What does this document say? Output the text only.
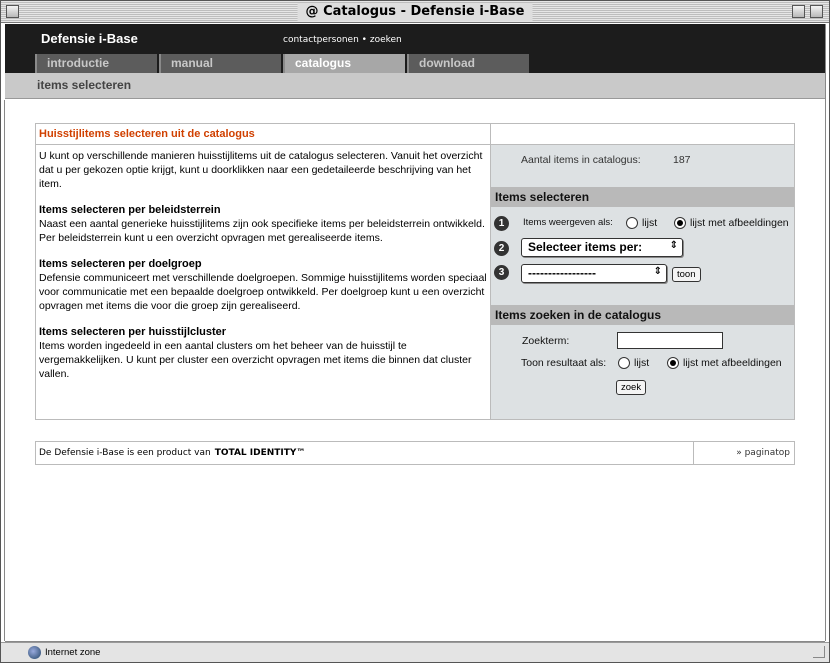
@ Catalogus - Defensie i-Base
Defensie i-Base	contactpersonen • zoeken
introductie	manual	catalogus	download
items selecteren
Huisstijlitems selecteren uit de catalogus

U kunt op verschillende manieren huisstijlitems uit de catalogus selecteren. Vanuit het overzicht dat u per gekozen optie krijgt, kunt u doorklikken naar een gedetaileerde beschrijving van het item.

Items selecteren per beleidsterrein

Naast een aantal generieke huisstijlitems zijn ook specifieke items per beleidsterrein ontwikkeld. Per beleidsterrein kunt u een overzicht opvragen met gerealiseerde items.

Items selecteren per doelgroep

Defensie communiceert met verschillende doelgroepen. Sommige huisstijlitems worden speciaal voor communicatie met een bepaalde doelgroep ontwikkeld. Per doelgroep kunt u een overzicht opvragen met items die voor die groep zijn gerealiseerd.

Items selecteren per huisstijlcluster

Items worden ingedeeld in een aantal clusters om het beheer van de huisstijl te vergemakkelijken. U kunt per cluster een overzicht opvragen met items die binnen dat cluster vallen.

Aantal items in catalogus:	187
Items selecteren
1	Items weergeven als:	lijst	lijst met afbeeldingen
2	Selecteer items per:	⇕
3	-----------------	⇕	toon
Items zoeken in de catalogus
Zoekterm:
Toon resultaat als:	lijst	lijst met afbeeldingen
zoek
De Defensie i-Base is een product van TOTAL IDENTITY™	» paginatop
Internet zone
